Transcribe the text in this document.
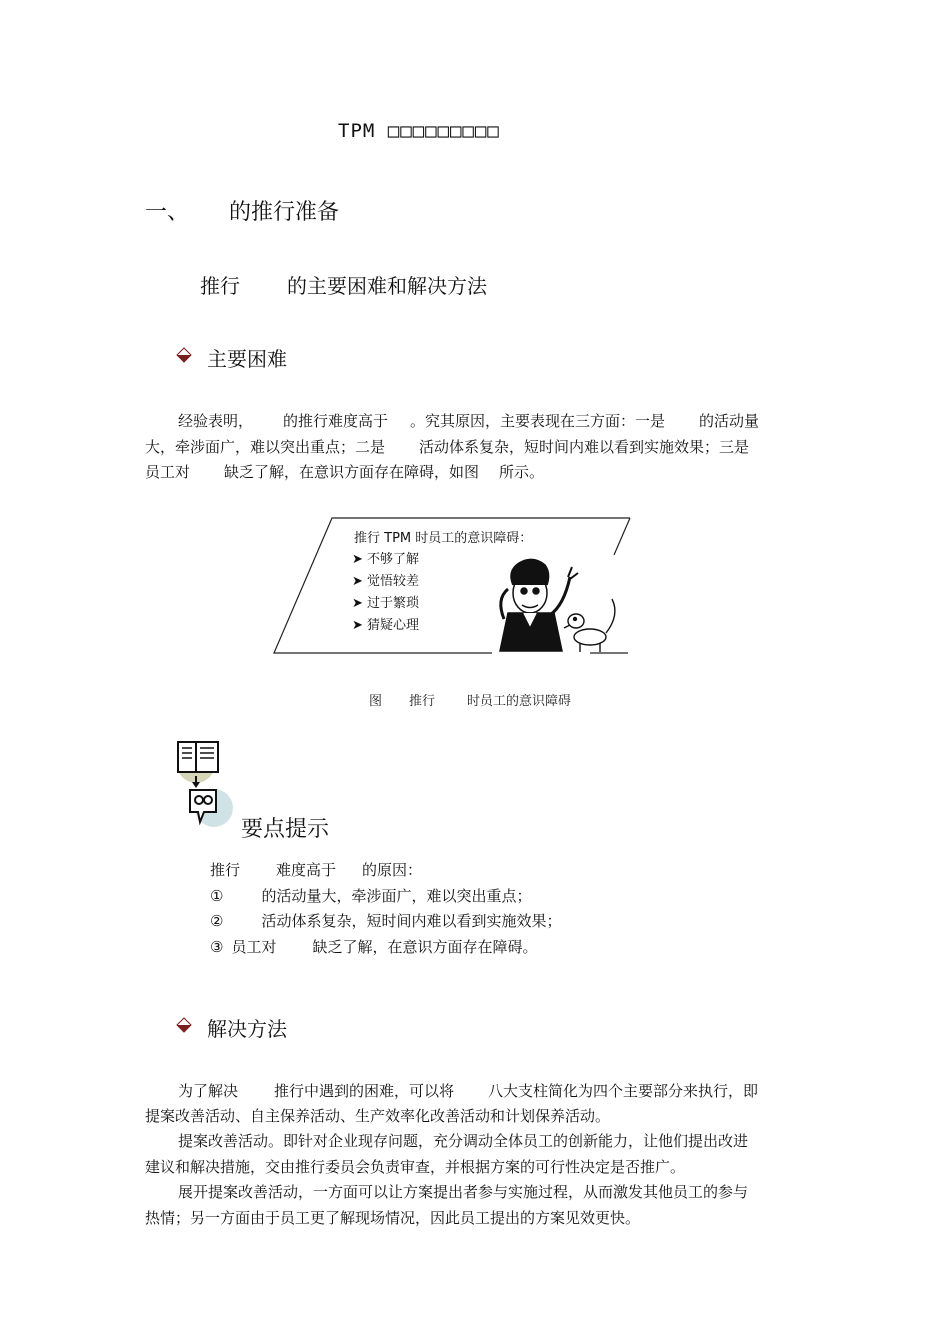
TPM □□□□□□□□□
一、 的推行准备
推行 的主要困难和解决方法
主要困难
经验表明， 的推行难度高于 。究其原因，主要表现在三方面：一是 的活动量
大，牵涉面广，难以突出重点；二是 活动体系复杂，短时间内难以看到实施效果；三是
员工对 缺乏了解，在意识方面存在障碍，如图 所示。
推行 TPM 时员工的意识障碍：
➤ 不够了解
➤ 觉悟较差
➤ 过于繁琐
➤ 猜疑心理
图 推行 时员工的意识障碍
要点提示
推行 难度高于 的原因：
①	的活动量大，牵涉面广，难以突出重点；
②	活动体系复杂，短时间内难以看到实施效果；
③ 员工对 缺乏了解，在意识方面存在障碍。
解决方法
为了解决 推行中遇到的困难，可以将 八大支柱简化为四个主要部分来执行，即
提案改善活动、自主保养活动、生产效率化改善活动和计划保养活动。
提案改善活动。即针对企业现存问题，充分调动全体员工的创新能力，让他们提出改进
建议和解决措施，交由推行委员会负责审查，并根据方案的可行性决定是否推广。
展开提案改善活动，一方面可以让方案提出者参与实施过程，从而激发其他员工的参与
热情；另一方面由于员工更了解现场情况，因此员工提出的方案见效更快。
